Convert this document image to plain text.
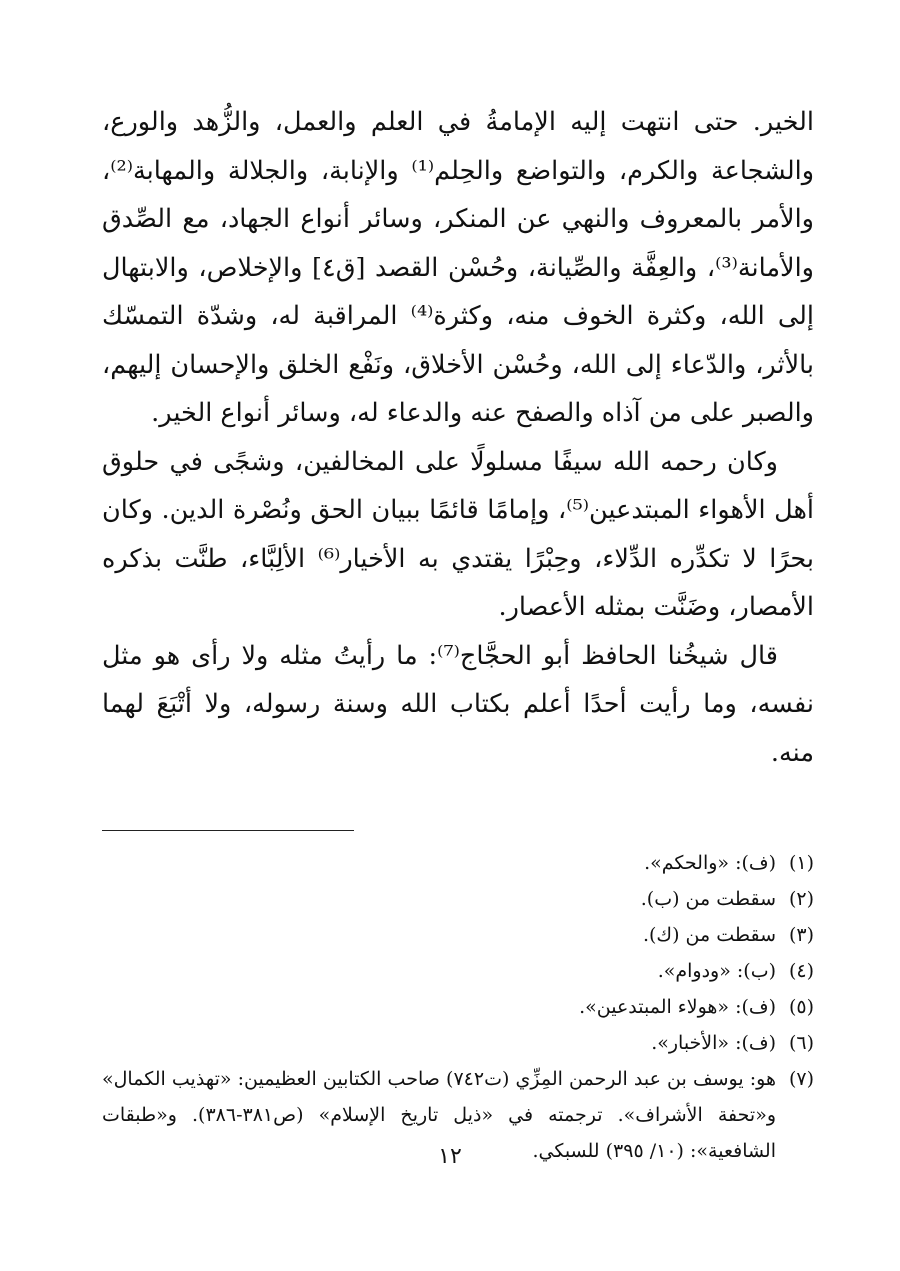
الخير. حتى انتهت إليه الإمامةُ في العلم والعمل، والزُّهد والورع، والشجاعة والكرم، والتواضع والحِلم⁽¹⁾ والإنابة، والجلالة والمهابة⁽²⁾، والأمر بالمعروف والنهي عن المنكر، وسائر أنواع الجهاد، مع الصِّدق والأمانة⁽³⁾، والعِفَّة والصِّيانة، وحُسْن القصد [ق٤] والإخلاص، والابتهال إلى الله، وكثرة الخوف منه، وكثرة⁽⁴⁾ المراقبة له، وشدّة التمسّك بالأثر، والدّعاء إلى الله، وحُسْن الأخلاق، ونَفْع الخلق والإحسان إليهم، والصبر على من آذاه والصفح عنه والدعاء له، وسائر أنواع الخير.

وكان رحمه الله سيفًا مسلولًا على المخالفين، وشجًى في حلوق أهل الأهواء المبتدعين⁽⁵⁾، وإمامًا قائمًا ببيان الحق ونُصْرة الدين. وكان بحرًا لا تكدِّره الدِّلاء، وحِبْرًا يقتدي به الأخيار⁽⁶⁾ الألِبَّاء، طنَّت بذكره الأمصار، وضَنَّت بمثله الأعصار.

قال شيخُنا الحافظ أبو الحجَّاج⁽⁷⁾: ما رأيتُ مثله ولا رأى هو مثل نفسه، وما رأيت أحدًا أعلم بكتاب الله وسنة رسوله، ولا أتْبَعَ لهما منه.

(١)
(ف): «والحكم».
(٢)
سقطت من (ب).
(٣)
سقطت من (ك).
(٤)
(ب): «ودوام».
(٥)
(ف): «هولاء المبتدعين».
(٦)
(ف): «الأخبار».
(٧)
هو: يوسف بن عبد الرحمن المِزِّي (ت٧٤٢) صاحب الكتابين العظيمين: «تهذيب الكمال» و«تحفة الأشراف». ترجمته في «ذيل تاريخ الإسلام» (ص٣٨١-٣٨٦). و«طبقات الشافعية»: (١٠/ ٣٩٥) للسبكي.
١٢
